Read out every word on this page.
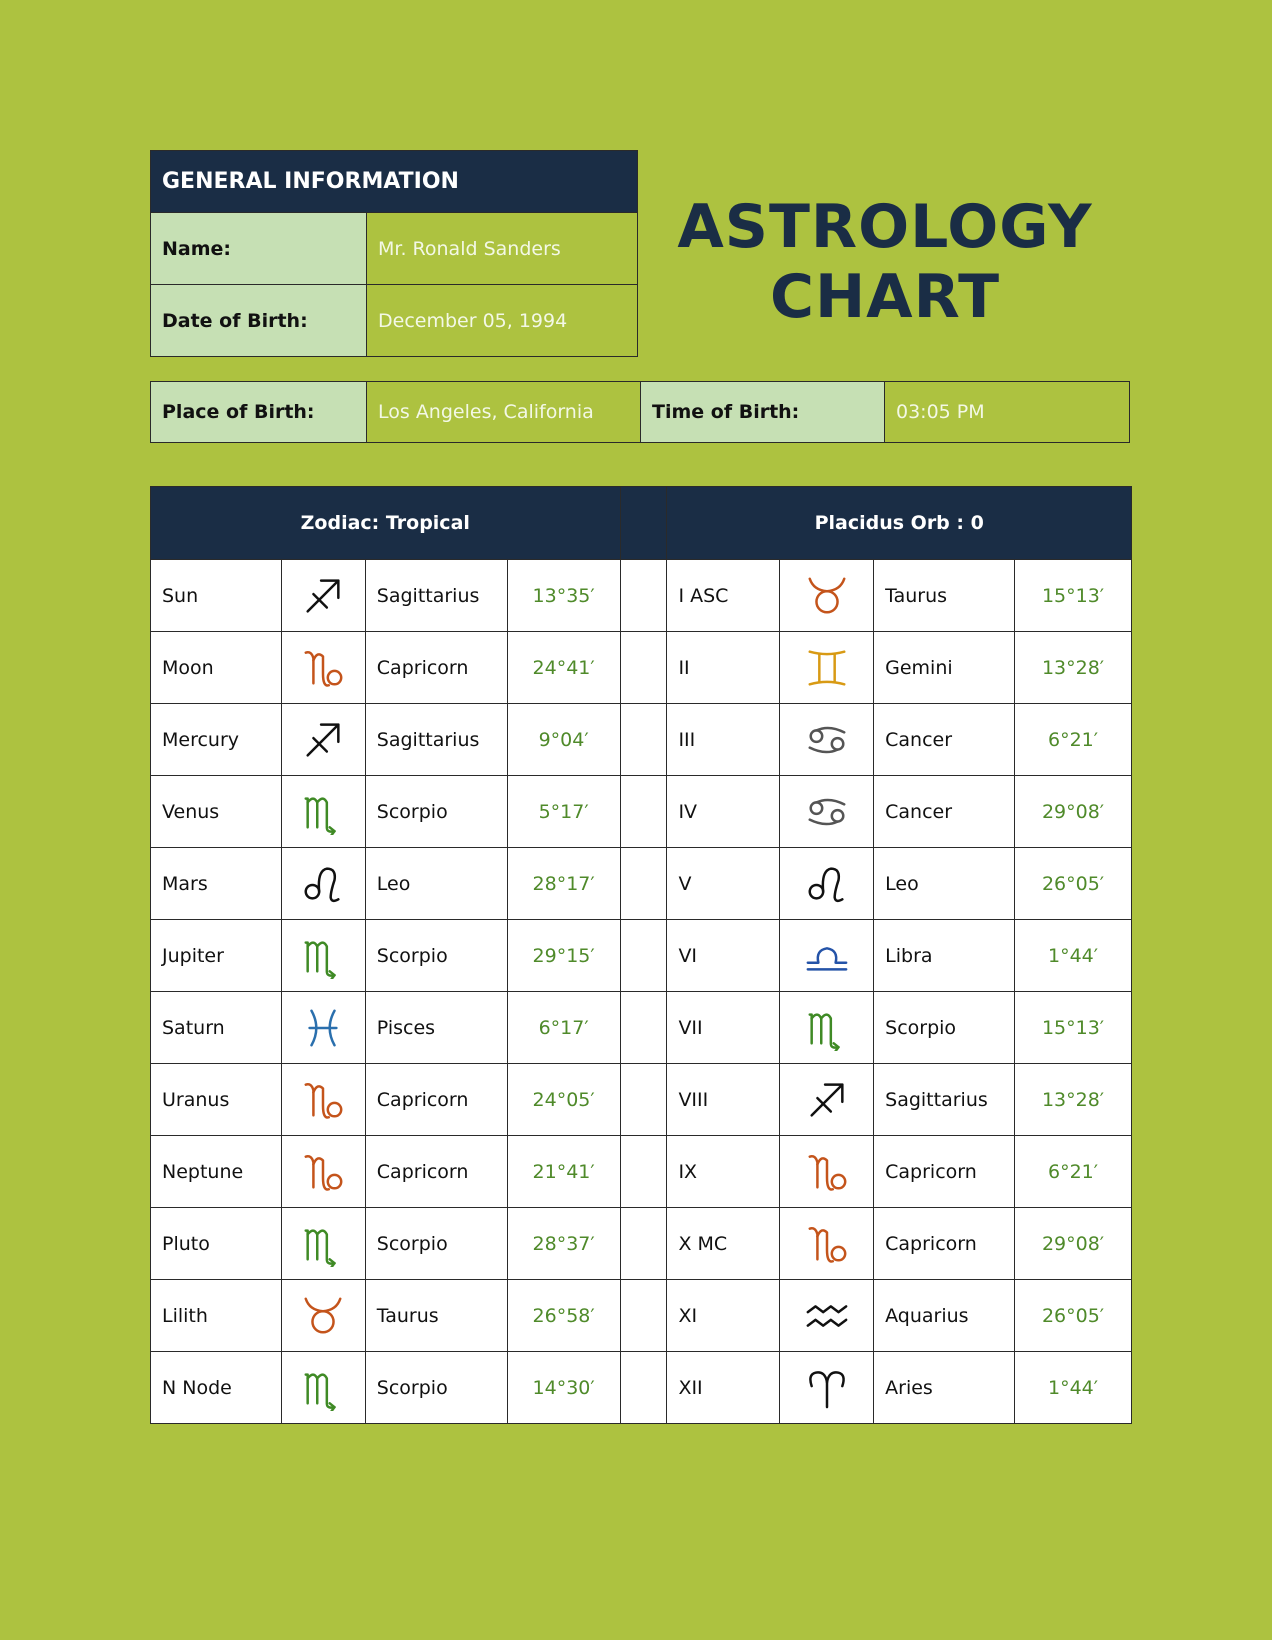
GENERAL INFORMATION	
Name:	Mr. Ronald Sanders
Date of Birth:	December 05, 1994
ASTROLOGY
CHART
Place of Birth:	Los Angeles, California	Time of Birth:	03:05 PM
Zodiac: Tropical					Placidus Orb : 0			
Sun		Sagittarius	13°35′		I ASC		Taurus	15°13′
Moon		Capricorn	24°41′		II		Gemini	13°28′
Mercury		Sagittarius	9°04′		III		Cancer	6°21′
Venus		Scorpio	5°17′		IV		Cancer	29°08′
Mars		Leo	28°17′		V		Leo	26°05′
Jupiter		Scorpio	29°15′		VI		Libra	1°44′
Saturn		Pisces	6°17′		VII		Scorpio	15°13′
Uranus		Capricorn	24°05′		VIII		Sagittarius	13°28′
Neptune		Capricorn	21°41′		IX		Capricorn	6°21′
Pluto		Scorpio	28°37′		X MC		Capricorn	29°08′
Lilith		Taurus	26°58′		XI		Aquarius	26°05′
N Node		Scorpio	14°30′		XII		Aries	1°44′
